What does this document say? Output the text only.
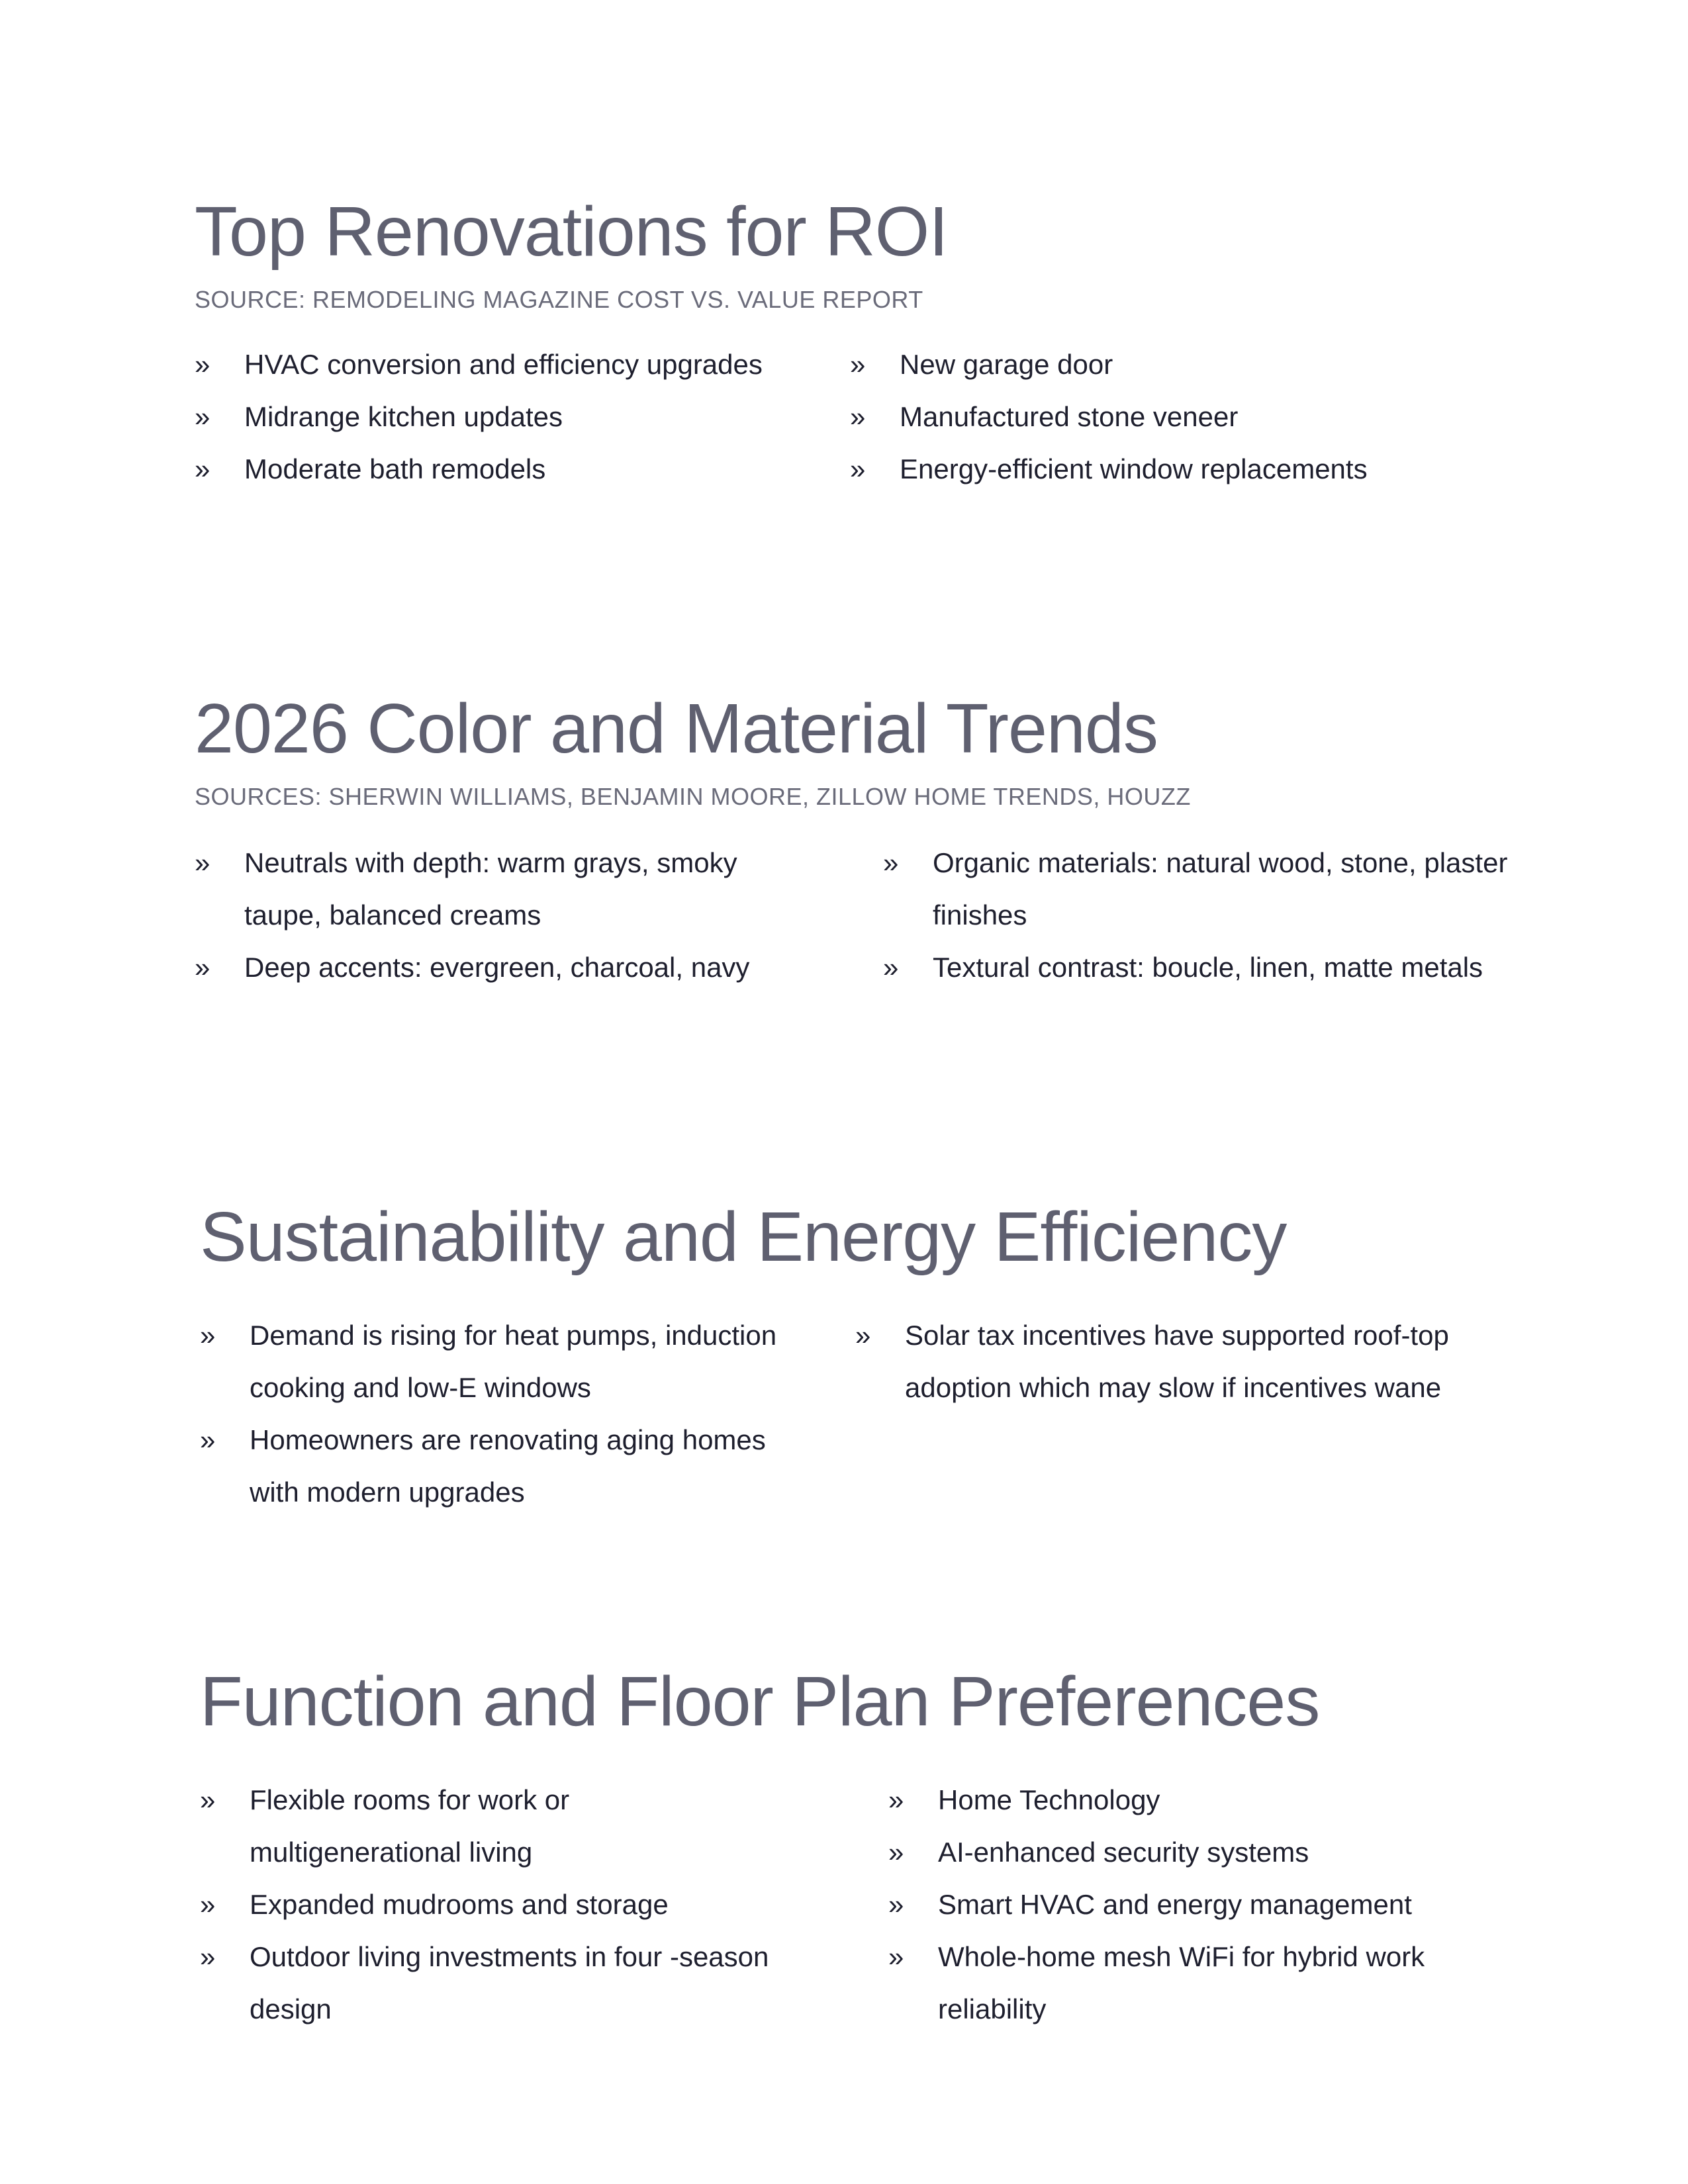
Top Renovations for ROI
SOURCE: REMODELING MAGAZINE COST VS. VALUE REPORT
» HVAC conversion and efficiency upgrades
» Midrange kitchen updates
» Moderate bath remodels
» New garage door
» Manufactured stone veneer
» Energy-efficient window replacements
2026 Color and Material Trends
SOURCES: SHERWIN WILLIAMS, BENJAMIN MOORE, ZILLOW HOME TRENDS, HOUZZ
» Neutrals with depth: warm grays, smoky taupe, balanced creams
» Deep accents: evergreen, charcoal, navy
» Organic materials: natural wood, stone, plaster finishes
» Textural contrast: boucle, linen, matte metals
Sustainability and Energy Efficiency
» Demand is rising for heat pumps, induction cooking and low-E windows
» Homeowners are renovating aging homes with modern upgrades
» Solar tax incentives have supported roof-top adoption which may slow if incentives wane
Function and Floor Plan Preferences
» Flexible rooms for work or multigenerational living
» Expanded mudrooms and storage
» Outdoor living investments in four -season design
» Home Technology
» AI-enhanced security systems
» Smart HVAC and energy management
» Whole-home mesh WiFi for hybrid work reliability
